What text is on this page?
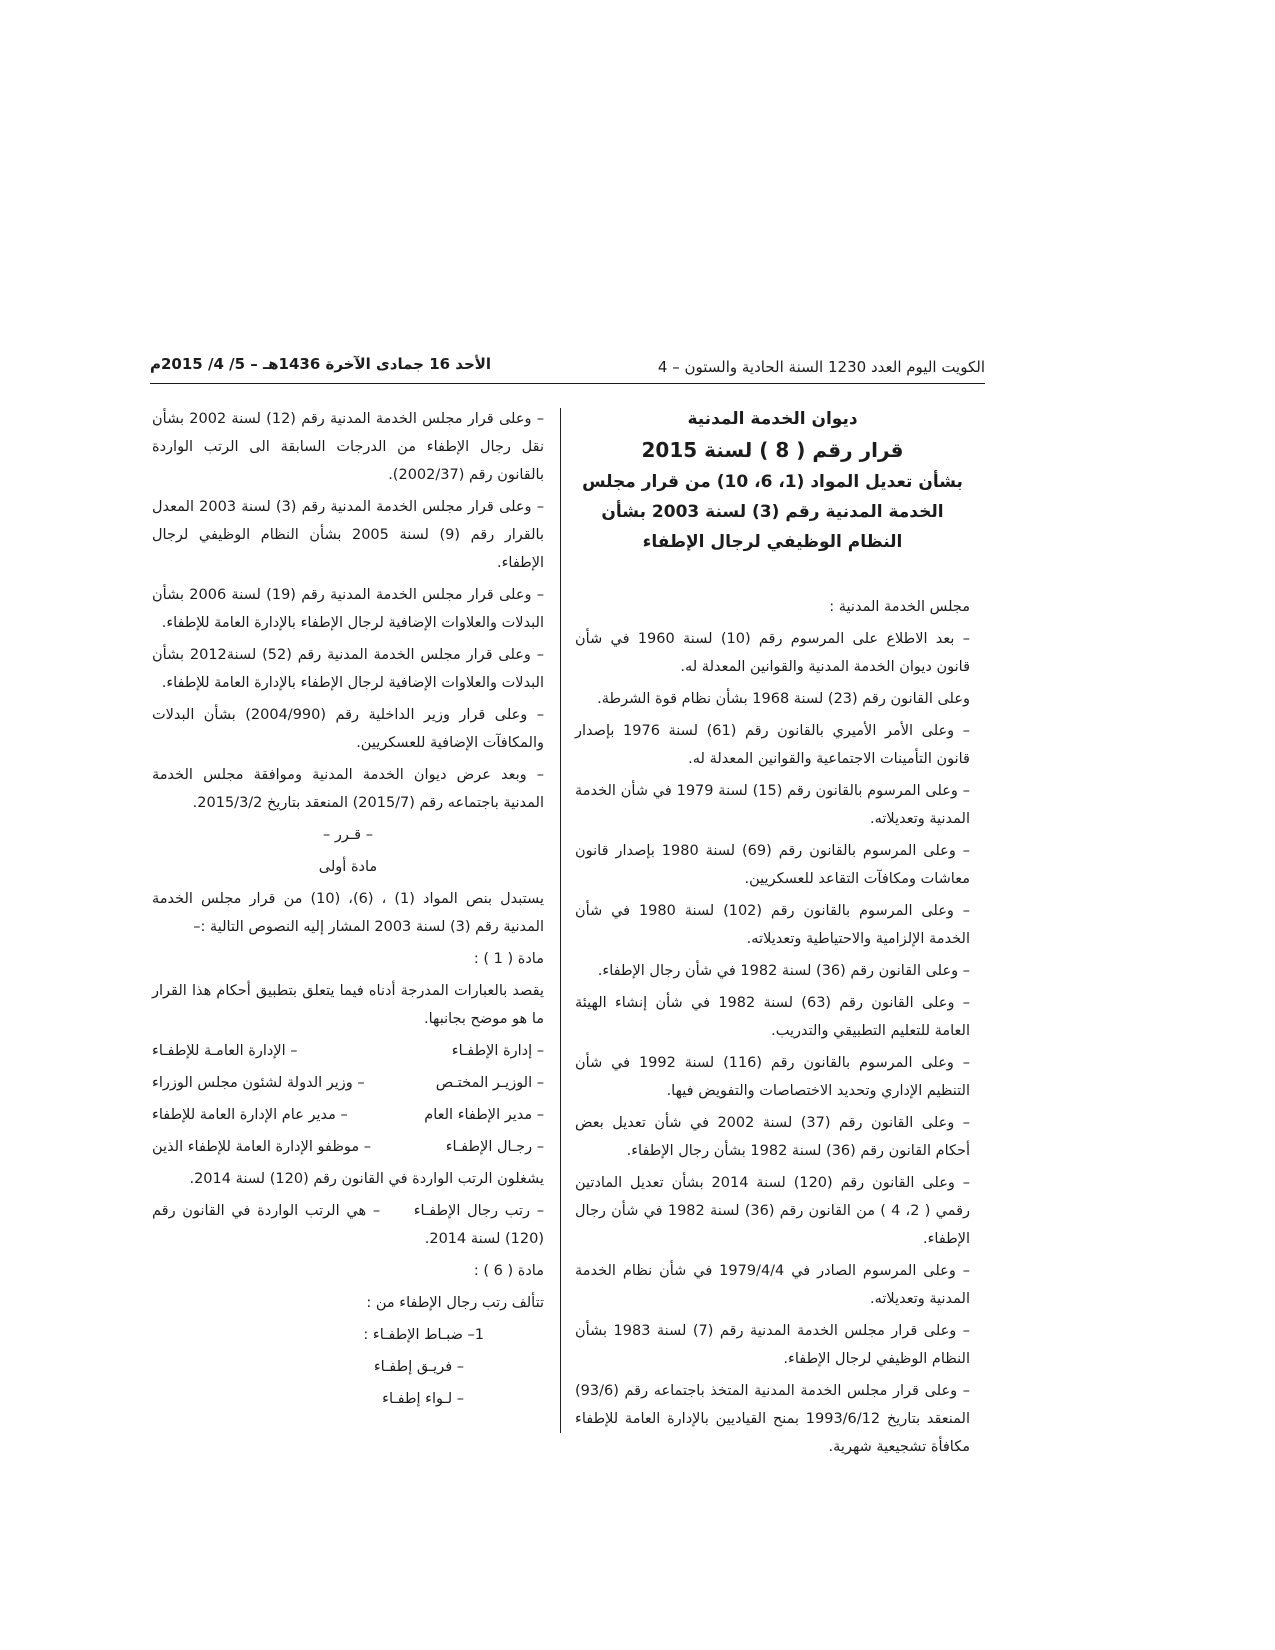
الكويت اليوم العدد 1230 السنة الحادية والستون – 4
الأحد 16 جمادى الآخرة 1436هـ – 5/ 4/ 2015م
ديوان الخدمة المدنية
قرار رقم ( 8 ) لسنة 2015
بشأن تعديل المواد (1، 6، 10) من قرار مجلس الخدمة المدنية رقم (3) لسنة 2003 بشأن النظام الوظيفي لرجال الإطفاء

مجلس الخدمة المدنية :

– بعد الاطلاع على المرسوم رقم (10) لسنة 1960 في شأن قانون ديوان الخدمة المدنية والقوانين المعدلة له.

وعلى القانون رقم (23) لسنة 1968 بشأن نظام قوة الشرطة.

– وعلى الأمر الأميري بالقانون رقم (61) لسنة 1976 بإصدار قانون التأمينات الاجتماعية والقوانين المعدلة له.

– وعلى المرسوم بالقانون رقم (15) لسنة 1979 في شأن الخدمة المدنية وتعديلاته.

– وعلى المرسوم بالقانون رقم (69) لسنة 1980 بإصدار قانون معاشات ومكافآت التقاعد للعسكريين.

– وعلى المرسوم بالقانون رقم (102) لسنة 1980 في شأن الخدمة الإلزامية والاحتياطية وتعديلاته.

– وعلى القانون رقم (36) لسنة 1982 في شأن رجال الإطفاء.

– وعلى القانون رقم (63) لسنة 1982 في شأن إنشاء الهيئة العامة للتعليم التطبيقي والتدريب.

– وعلى المرسوم بالقانون رقم (116) لسنة 1992 في شأن التنظيم الإداري وتحديد الاختصاصات والتفويض فيها.

– وعلى القانون رقم (37) لسنة 2002 في شأن تعديل بعض أحكام القانون رقم (36) لسنة 1982 بشأن رجال الإطفاء.

– وعلى القانون رقم (120) لسنة 2014 بشأن تعديل المادتين رقمي ( 2، 4 ) من القانون رقم (36) لسنة 1982 في شأن رجال الإطفاء.

– وعلى المرسوم الصادر في 1979/4/4 في شأن نظام الخدمة المدنية وتعديلاته.

– وعلى قرار مجلس الخدمة المدنية رقم (7) لسنة 1983 بشأن النظام الوظيفي لرجال الإطفاء.

– وعلى قرار مجلس الخدمة المدنية المتخذ باجتماعه رقم (93/6) المنعقد بتاريخ 1993/6/12 بمنح القياديين بالإدارة العامة للإطفاء مكافأة تشجيعية شهرية.

– وعلى قرار مجلس الخدمة المدنية رقم (12) لسنة 2002 بشأن نقل رجال الإطفاء من الدرجات السابقة الى الرتب الواردة بالقانون رقم (2002/37).

– وعلى قرار مجلس الخدمة المدنية رقم (3) لسنة 2003 المعدل بالقرار رقم (9) لسنة 2005 بشأن النظام الوظيفي لرجال الإطفاء.

– وعلى قرار مجلس الخدمة المدنية رقم (19) لسنة 2006 بشأن البدلات والعلاوات الإضافية لرجال الإطفاء بالإدارة العامة للإطفاء.

– وعلى قرار مجلس الخدمة المدنية رقم (52) لسنة2012 بشأن البدلات والعلاوات الإضافية لرجال الإطفاء بالإدارة العامة للإطفاء.

– وعلى قرار وزير الداخلية رقم (2004/990) بشأن البدلات والمكافآت الإضافية للعسكريين.

– وبعد عرض ديوان الخدمة المدنية وموافقة مجلس الخدمة المدنية باجتماعه رقم (2015/7) المنعقد بتاريخ 2015/3/2.

– قـرر –

مادة أولى

يستبدل بنص المواد (1) ، (6)، (10) من قرار مجلس الخدمة المدنية رقم (3) لسنة 2003 المشار إليه النصوص التالية :–

مادة ( 1 ) :

يقصد بالعبارات المدرجة أدناه فيما يتعلق بتطبيق أحكام هذا القرار ما هو موضح بجانبها.

– إدارة الإطفـاء
– الإدارة العامـة للإطفـاء
– الوزيـر المختـص
– وزير الدولة لشئون مجلس الوزراء
– مدير الإطفاء العام
– مدير عام الإدارة العامة للإطفاء
– رجـال الإطفـاء
– موظفو الإدارة العامة للإطفاء الذين

يشغلون الرتب الواردة في القانون رقم (120) لسنة 2014.

– رتب رجال الإطفـاء     – هي الرتب الواردة في القانون رقم (120) لسنة 2014.

مادة ( 6 ) :

تتألف رتب رجال الإطفاء من :

1– ضبـاط الإطفـاء :

– فريـق إطفـاء

– لـواء إطفـاء
